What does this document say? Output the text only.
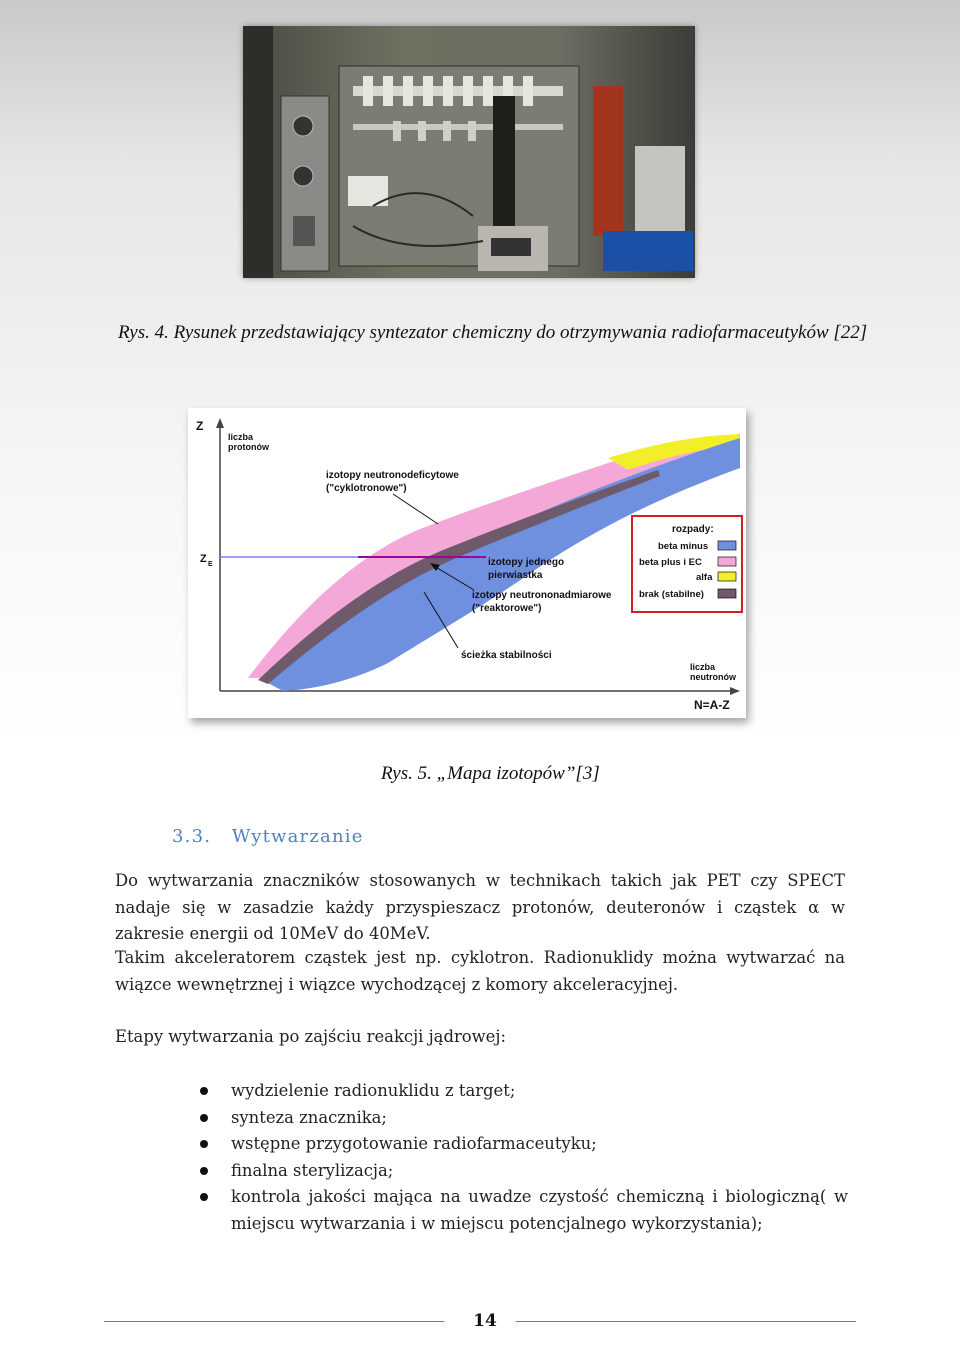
Rys. 4. Rysunek przedstawiający syntezator chemiczny do otrzymywania radiofarmaceutyków [22]
Z
liczba
protonów
Z E
izotopy neutronodeficytowe
("cyklotronowe")
izotopy jednego
pierwiastka
izotopy neutrononadmiarowe
("reaktorowe")
ścieżka stabilności
liczba
neutronów
N=A-Z
rozpady:
beta minus
beta plus i EC
alfa
brak (stabilne)
Rys. 5. „Mapa izotopów”[3]
3.3.   Wytwarzanie
Do wytwarzania znaczników stosowanych w technikach takich jak PET czy SPECT nadaje się w zasadzie każdy przyspieszacz protonów, deuteronów i cząstek α w zakresie energii od 10MeV do 40MeV.
Takim akceleratorem cząstek jest np. cyklotron. Radionuklidy można wytwarzać na wiązce wewnętrznej i wiązce wychodzącej z komory akceleracyjnej.
Etapy wytwarzania po zajściu reakcji jądrowej:
wydzielenie radionuklidu z target;
synteza znacznika;
wstępne przygotowanie radiofarmaceutyku;
finalna sterylizacja;
kontrola jakości mająca na uwadze czystość chemiczną i biologiczną( w miejscu wytwarzania i w miejscu potencjalnego wykorzystania);
14
